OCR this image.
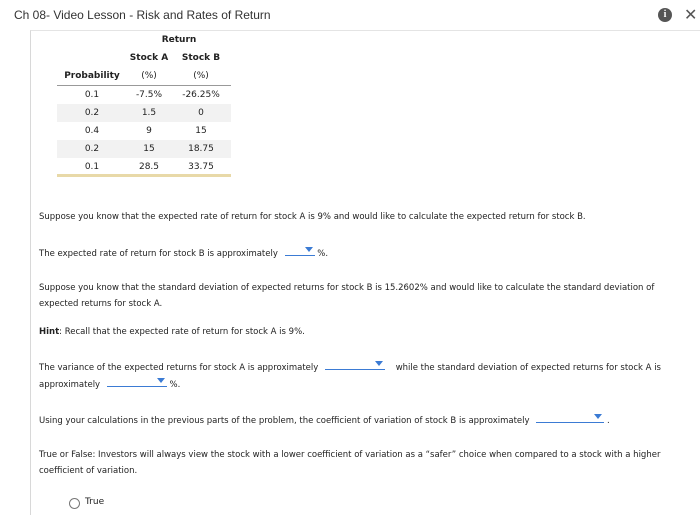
Ch 08- Video Lesson - Risk and Rates of Return	i	✕
	Return	
	Stock A	Stock B
Probability	(%)	(%)
0.1	-7.5%	-26.25%
0.2	1.5	0
0.4	9	15
0.2	15	18.75
0.1	28.5	33.75
Suppose you know that the expected rate of return for stock A is 9% and would like to calculate the expected return for stock B.
The expected rate of return for stock B is approximately	%.
Suppose you know that the standard deviation of expected returns for stock B is 15.2602% and would like to calculate the standard deviation of expected returns for stock A.
Hint: Recall that the expected rate of return for stock A is 9%.
The variance of the expected returns for stock A is approximately	while the standard deviation of expected returns for stock A is
approximately	%.
Using your calculations in the previous parts of the problem, the coefficient of variation of stock B is approximately	.
True or False: Investors will always view the stock with a lower coefficient of variation as a “safer” choice when compared to a stock with a higher coefficient of variation.
True
